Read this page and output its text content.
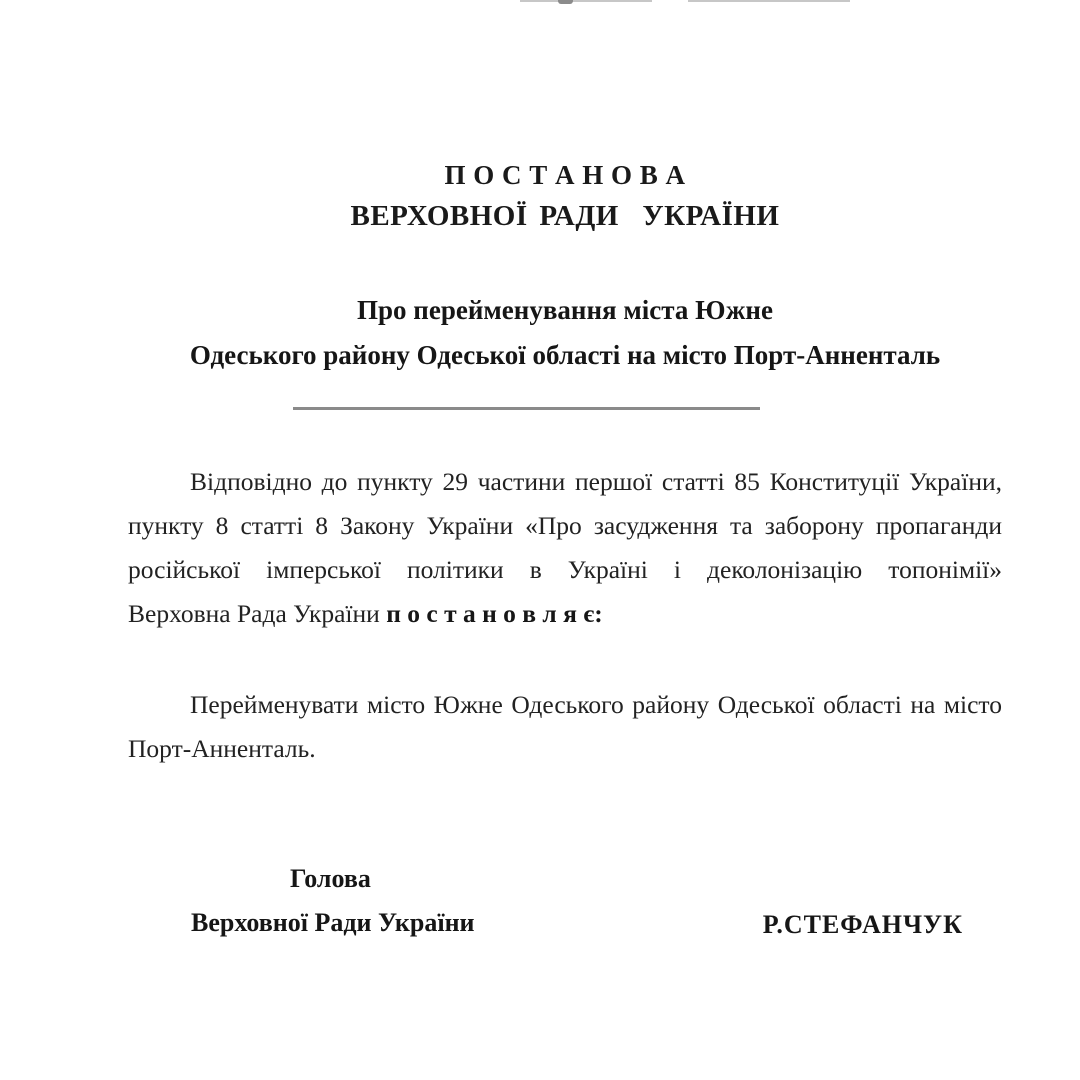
П О С Т А Н О В А
ВЕРХОВНОЇ РАДИ  УКРАЇНИ
Про перейменування міста Южне
Одеського району Одеської області на місто Порт-Анненталь
Відповідно до пункту 29 частини першої статті 85 Конституції України,
пункту 8 статті 8 Закону України «Про засудження та заборону пропаганди
російської імперської політики в Україні і деколонізацію топонімії»
Верховна Рада України п о с т а н о в л я є:
Перейменувати місто Южне Одеського району Одеської області на місто
Порт-Анненталь.
Голова
Верховної Ради України	Р.СТЕФАНЧУК
